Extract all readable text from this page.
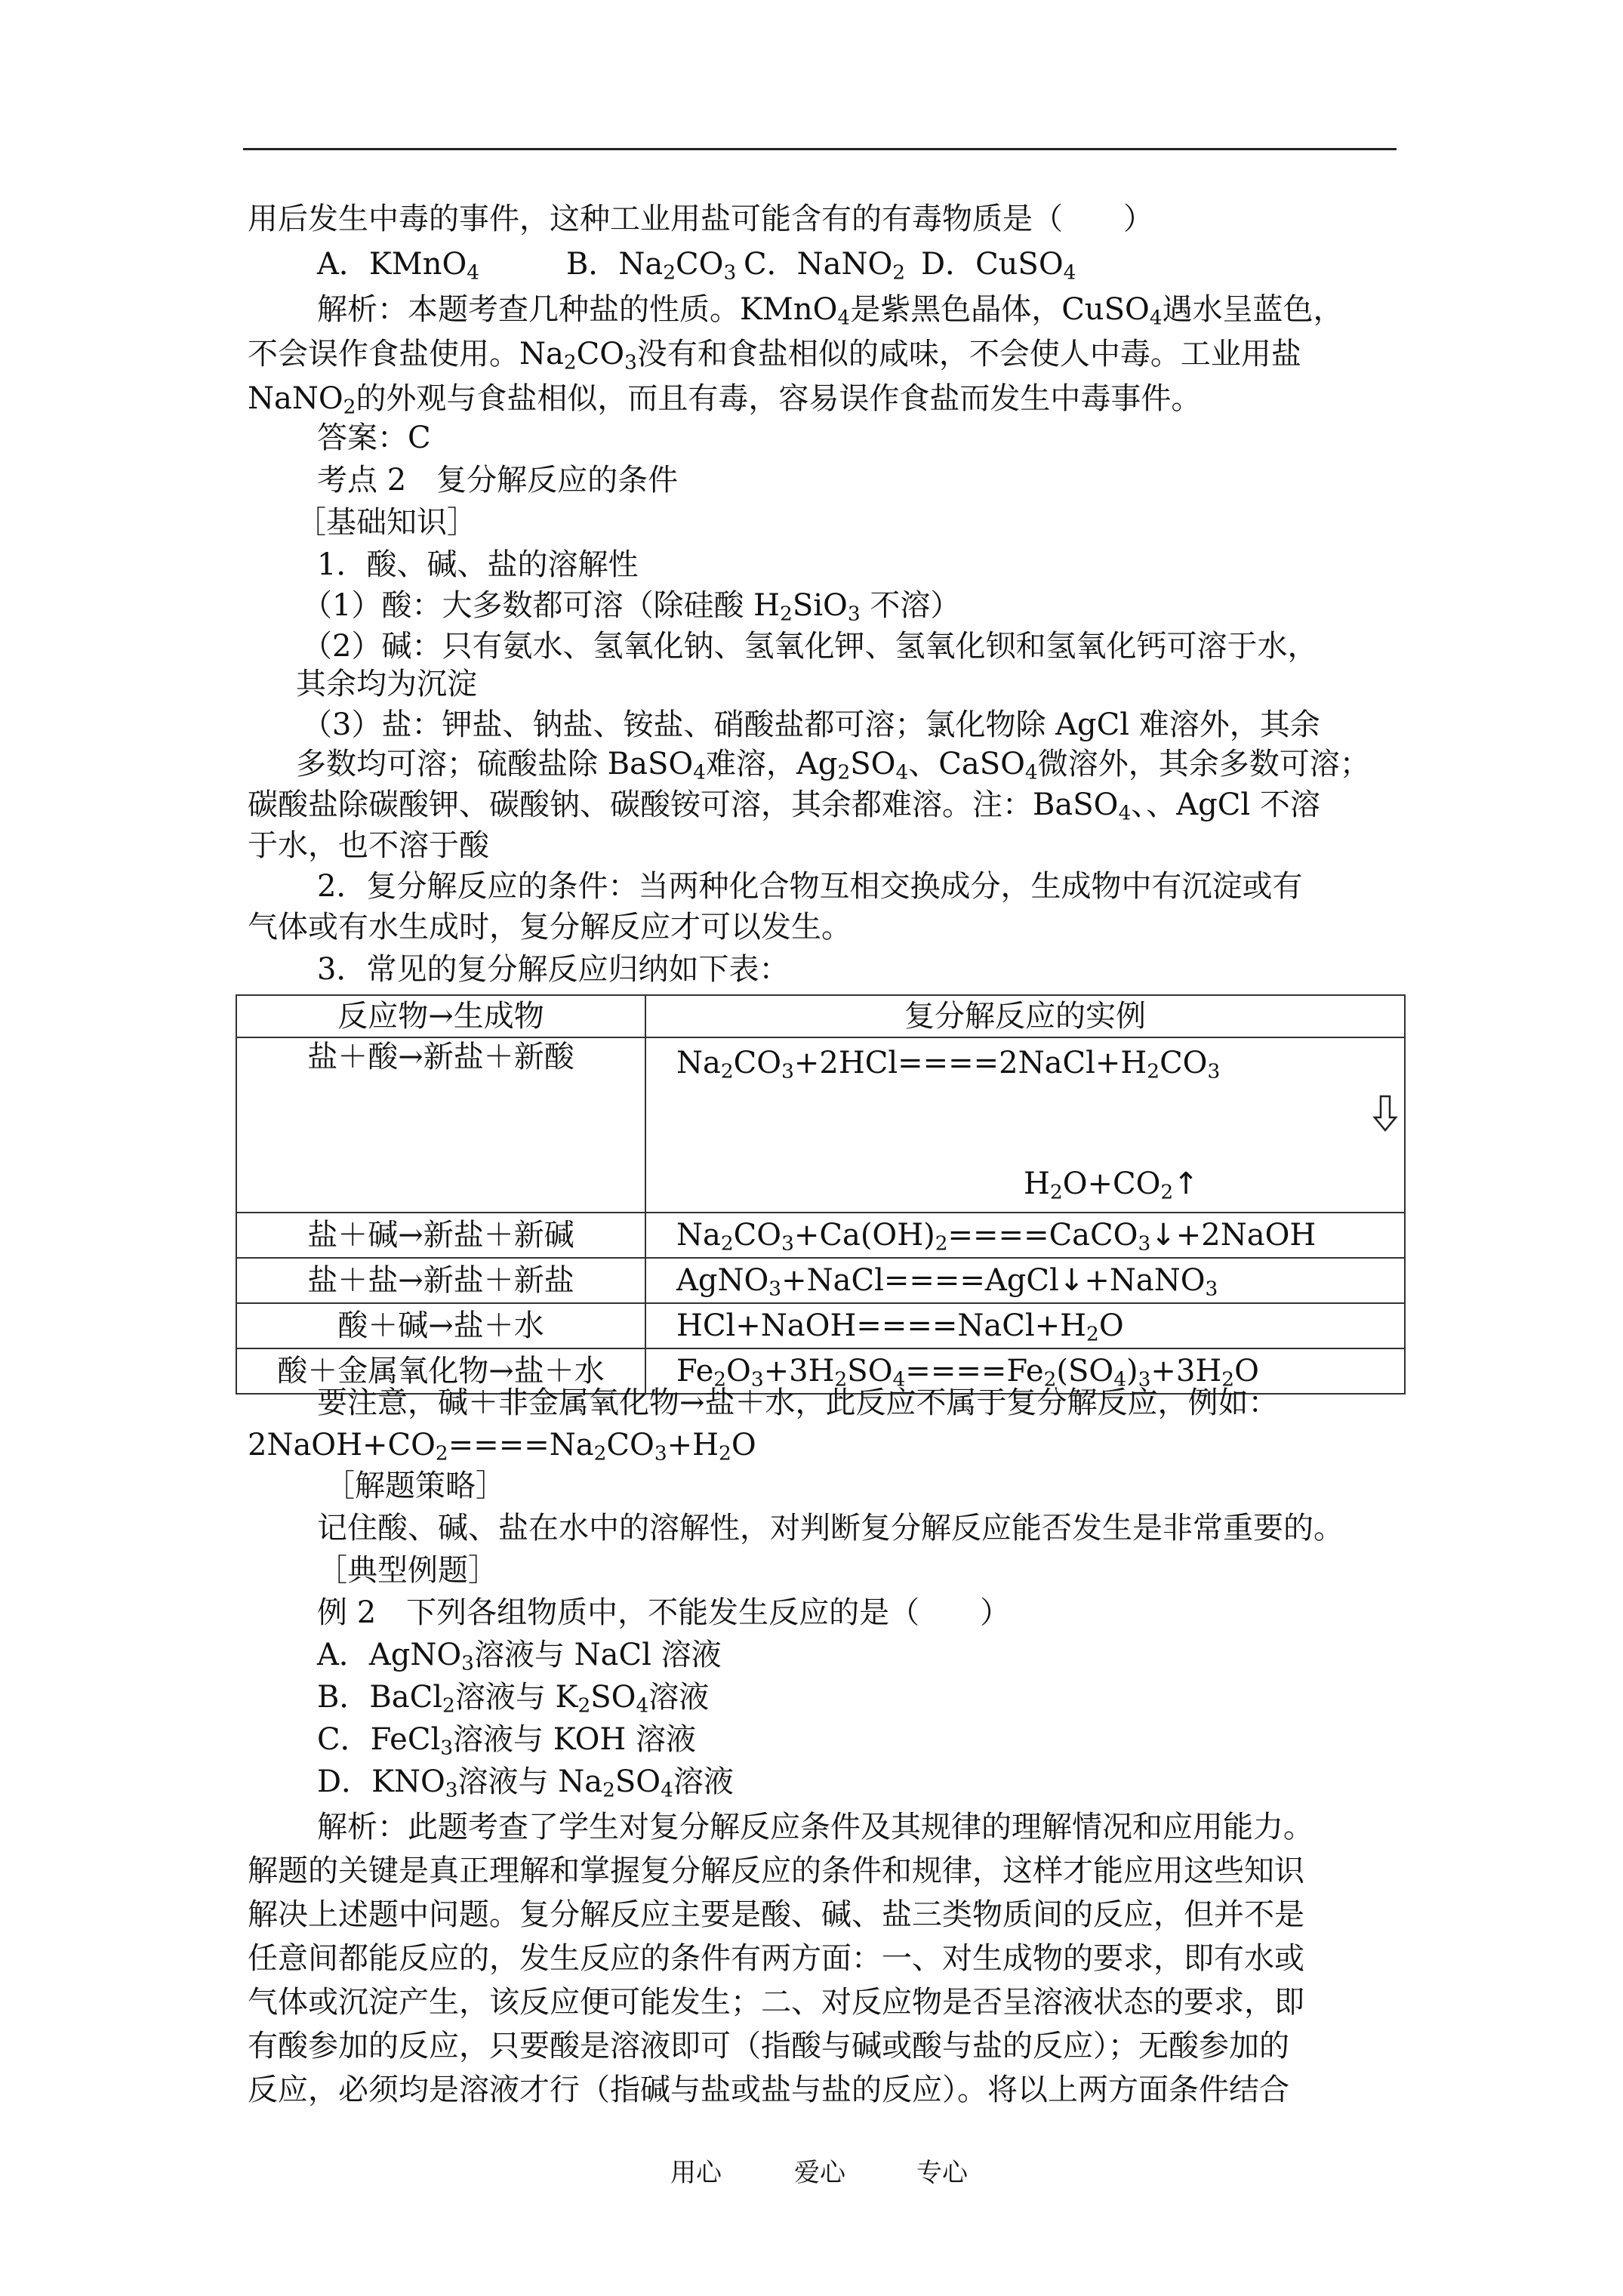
用后发生中毒的事件，这种工业用盐可能含有的有毒物质是（　　）
A．KMnO$_4$	B．$Na_2CO_3$ C．NaNO$_2$ D．CuSO$_4$
解析：本题考查几种盐的性质。KMnO$_4$是紫黑色晶体，CuSO$_4$遇水呈蓝色，
不会误作食盐使用。$Na_2CO_3$没有和食盐相似的咸味，不会使人中毒。工业用盐
NaNO$_2$的外观与食盐相似，而且有毒，容易误作食盐而发生中毒事件。
答案：C
考点 2　复分解反应的条件
［基础知识］
1．酸、碱、盐的溶解性
（1）酸：大多数都可溶（除硅酸 $H_2SiO_3$ 不溶）
（2）碱：只有氨水、氢氧化钠、氢氧化钾、氢氧化钡和氢氧化钙可溶于水，
其余均为沉淀
（3）盐：钾盐、钠盐、铵盐、硝酸盐都可溶；氯化物除 AgCl 难溶外，其余
多数均可溶；硫酸盐除 BaSO$_4$难溶，$Ag_2SO_4$、CaSO$_4$微溶外，其余多数可溶；
碳酸盐除碳酸钾、碳酸钠、碳酸铵可溶，其余都难溶。注：BaSO$_4$、、AgCl 不溶
于水，也不溶于酸
2．复分解反应的条件：当两种化合物互相交换成分，生成物中有沉淀或有
气体或有水生成时，复分解反应才可以发生。
3．常见的复分解反应归纳如下表：
反应物→生成物	复分解反应的实例
盐＋酸→新盐＋新酸	$Na_2CO_3+2HCl====2NaCl+H_2CO_3$
$H_2O+CO_2↑$

盐＋碱→新盐＋新碱	$Na_2CO_3+Ca(OH)_2====CaCO_3↓+2NaOH$
盐＋盐→新盐＋新盐	AgNO$_3$+NaCl====AgCl↓+NaNO$_3$
酸＋碱→盐＋水	$HCl+NaOH====NaCl+H_2O$
酸＋金属氧化物→盐＋水	$Fe_2O_3+3H_2SO_4====Fe_2(SO_4)_3+3H_2O$
要注意，碱＋非金属氧化物→盐＋水，此反应不属于复分解反应，例如：
$2NaOH+CO_2====Na_2CO_3+H_2O$
［解题策略］
记住酸、碱、盐在水中的溶解性，对判断复分解反应能否发生是非常重要的。
［典型例题］
例 2　下列各组物质中，不能发生反应的是（　　）
A．AgNO$_3$溶液与 NaCl 溶液
B．BaCl$_2$溶液与 $K_2SO_4$溶液
C．FeCl$_3$溶液与 KOH 溶液
D．$KNO_3$溶液与 $Na_2SO_4$溶液
解析：此题考查了学生对复分解反应条件及其规律的理解情况和应用能力。
解题的关键是真正理解和掌握复分解反应的条件和规律，这样才能应用这些知识
解决上述题中问题。复分解反应主要是酸、碱、盐三类物质间的反应，但并不是
任意间都能反应的，发生反应的条件有两方面：一、对生成物的要求，即有水或
气体或沉淀产生，该反应便可能发生；二、对反应物是否呈溶液状态的要求，即
有酸参加的反应，只要酸是溶液即可（指酸与碱或酸与盐的反应）；无酸参加的
反应，必须均是溶液才行（指碱与盐或盐与盐的反应）。将以上两方面条件结合
用心	爱心	专心
